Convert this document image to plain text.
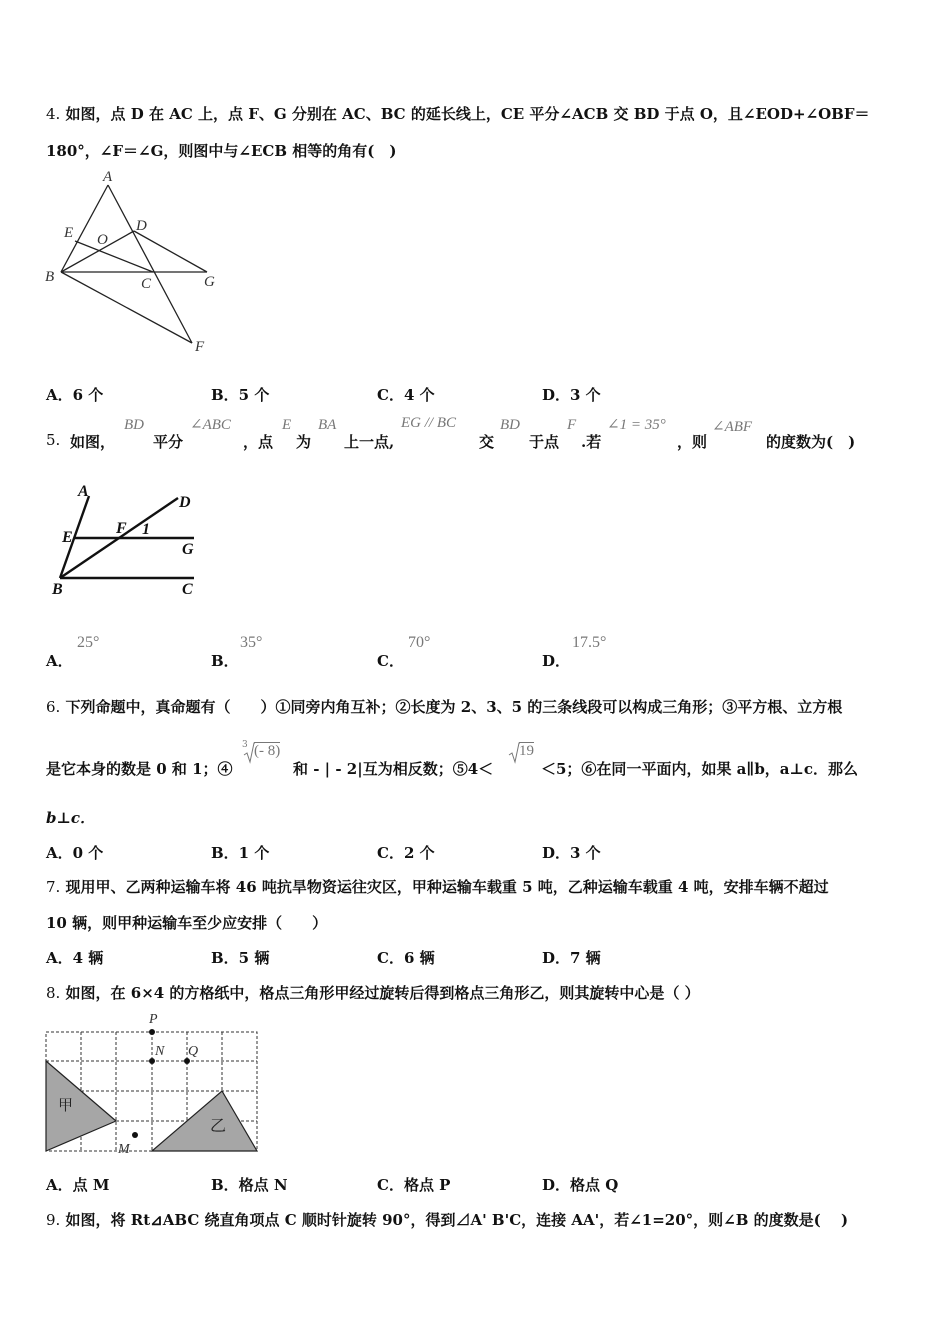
4. 如图，点 D 在 AC 上，点 F、G 分别在 AC、BC 的延长线上，CE 平分∠ACB 交 BD 于点 O，且∠EOD+∠OBF＝
180°，∠F＝∠G，则图中与∠ECB 相等的角有(　)
A
E O
D
B	C	G
F
A．6 个	B．5 个	C．4 个	D．3 个
5. 如图，
BD
平分
∠ABC
，点
E
为
BA
上一点,
EG // BC
交
BD
于点
F
.若
∠1 = 35°
，则
∠ABF
的度数为(　)
A
D
E
F 1
G
B	C
A．
25°
B．
35°
C．
70°
D．
17.5°
6. 下列命题中，真命题有（　　）①同旁内角互补；②长度为 2、3、5 的三条线段可以构成三角形；③平方根、立方根
是它本身的数是 0 和 1；④
3 (- 8)
和 - | - 2|互为相反数；⑤4＜
19
＜5；⑥在同一平面内，如果 a∥b，a⊥c．那么
b⊥c．
A．0 个	B．1 个	C．2 个	D．3 个
7. 现用甲、乙两种运输车将 46 吨抗旱物资运往灾区，甲种运输车载重 5 吨，乙种运输车载重 4 吨，安排车辆不超过
10 辆，则甲种运输车至少应安排（　　）
A．4 辆	B．5 辆	C．6 辆	D．7 辆
8. 如图，在 6×4 的方格纸中，格点三角形甲经过旋转后得到格点三角形乙，则其旋转中心是（ ）
P
N Q
M
甲
乙
A．点 M	B．格点 N	C．格点 P	D．格点 Q
9. 如图，将 Rt⊿ABC 绕直角项点 C 顺时针旋转 90°，得到⊿A' B'C，连接 AA'，若∠1=20°，则∠B 的度数是(　 )
